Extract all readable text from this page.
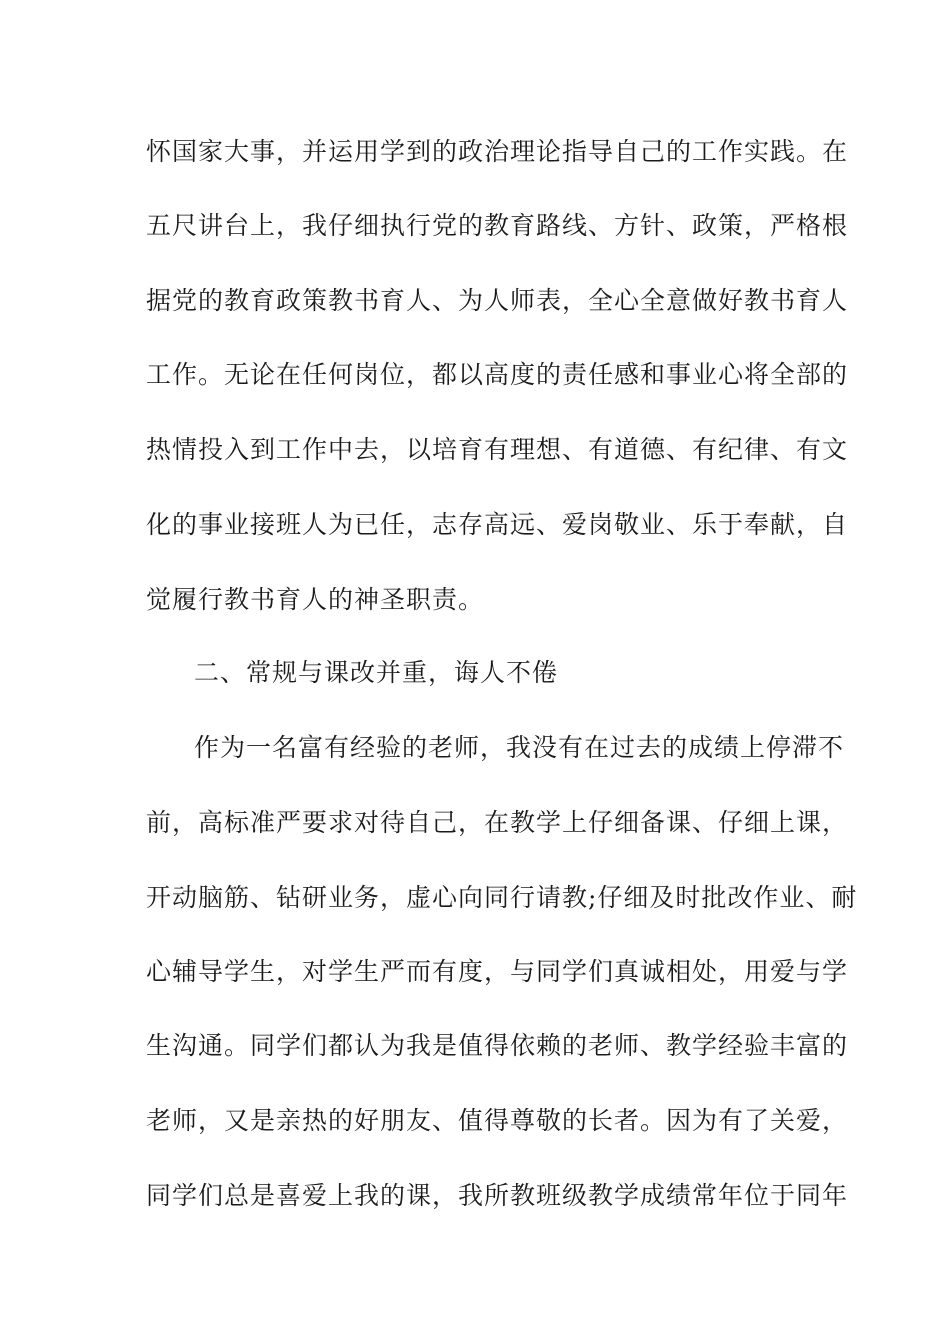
怀国家大事，并运用学到的政治理论指导自己的工作实践。在
五尺讲台上，我仔细执行党的教育路线、方针、政策，严格根
据党的教育政策教书育人、为人师表，全心全意做好教书育人
工作。无论在任何岗位，都以高度的责任感和事业心将全部的
热情投入到工作中去，以培育有理想、有道德、有纪律、有文
化的事业接班人为已任，志存高远、爱岗敬业、乐于奉献，自
觉履行教书育人的神圣职责。
二、常规与课改并重，诲人不倦
作为一名富有经验的老师，我没有在过去的成绩上停滞不
前，高标准严要求对待自己，在教学上仔细备课、仔细上课，
开动脑筋、钻研业务，虚心向同行请教;仔细及时批改作业、耐
心辅导学生，对学生严而有度，与同学们真诚相处，用爱与学
生沟通。同学们都认为我是值得依赖的老师、教学经验丰富的
老师，又是亲热的好朋友、值得尊敬的长者。因为有了关爱，
同学们总是喜爱上我的课，我所教班级教学成绩常年位于同年
